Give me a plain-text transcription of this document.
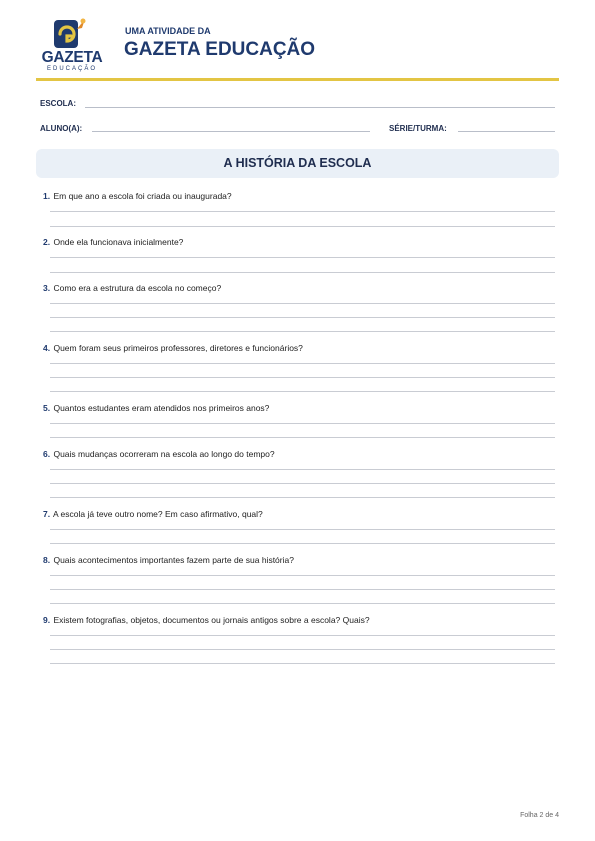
GAZETA
EDUCAÇÃO
UMA ATIVIDADE DA
GAZETA EDUCAÇÃO
ESCOLA:
ALUNO(A):	SÉRIE/TURMA:
A HISTÓRIA DA ESCOLA
1. Em que ano a escola foi criada ou inaugurada?
2. Onde ela funcionava inicialmente?
3. Como era a estrutura da escola no começo?
4. Quem foram seus primeiros professores, diretores e funcionários?
5. Quantos estudantes eram atendidos nos primeiros anos?
6. Quais mudanças ocorreram na escola ao longo do tempo?
7. A escola já teve outro nome? Em caso afirmativo, qual?
8. Quais acontecimentos importantes fazem parte de sua história?
9. Existem fotografias, objetos, documentos ou jornais antigos sobre a escola? Quais?
Folha 2 de 4
